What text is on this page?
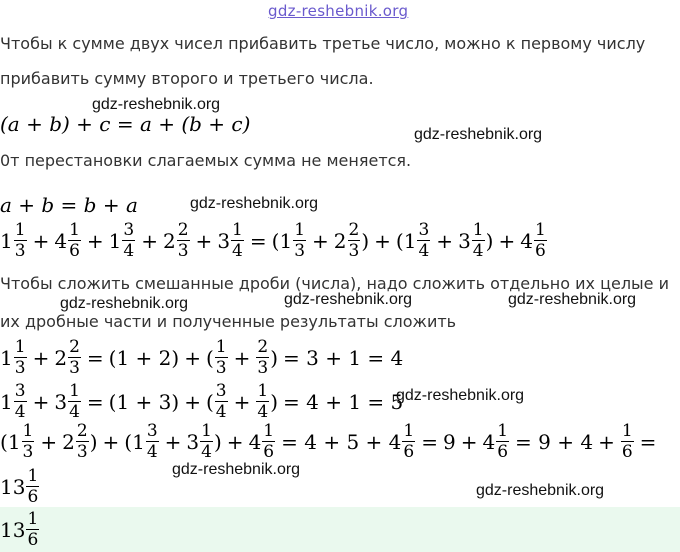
gdz-reshebnik.org
Чтобы к сумме двух чисел прибавить третье число, можно к первому числу
прибавить сумму второго и третьего числа.
gdz-reshebnik.org
(a + b) + c = a + (b + c)	gdz-reshebnik.org
0т перестановки слагаемых сумма не меняется.
a + b = b + a	gdz-reshebnik.org
$1 \frac{1}{3} + 4 \frac{1}{6} + 1 \frac{3}{4} + 2 \frac{2}{3} + 3 \frac{1}{4}$ = ( $1 \frac{1}{3} + 2 \frac{2}{3}$ ) + ( $1 \frac{3}{4} + 3 \frac{1}{4}$ ) + $4 \frac{1}{6}$
Чтобы сложить смешанные дроби (числа), надо сложить отдельно их целые и
gdz-reshebnik.org	gdz-reshebnik.org	gdz-reshebnik.org
их дробные части и полученные результаты сложить
$1 \frac{1}{3} + 2 \frac{2}{3} = (1 + 2)$ + ( $\frac{1}{3} + \frac{2}{3}$ ) = 3 + 1 = 4
$1 \frac{3}{4} + 3 \frac{1}{4} = (1 + 3)$ + ( $\frac{3}{4} + \frac{1}{4}$ ) = 4 + 1 = 5
gdz-reshebnik.org
( $1 \frac{1}{3} + 2 \frac{2}{3}$ ) + ( $1 \frac{3}{4} + 3 \frac{1}{4}$ ) + $4 \frac{1}{6} = 4 + 5 + 4 \frac{1}{6} = 9 + 4 \frac{1}{6} = 9 + 4 + \frac{1}{6}$ =
gdz-reshebnik.org
$13 \frac{1}{6}$	gdz-reshebnik.org
$13 \frac{1}{6}$
